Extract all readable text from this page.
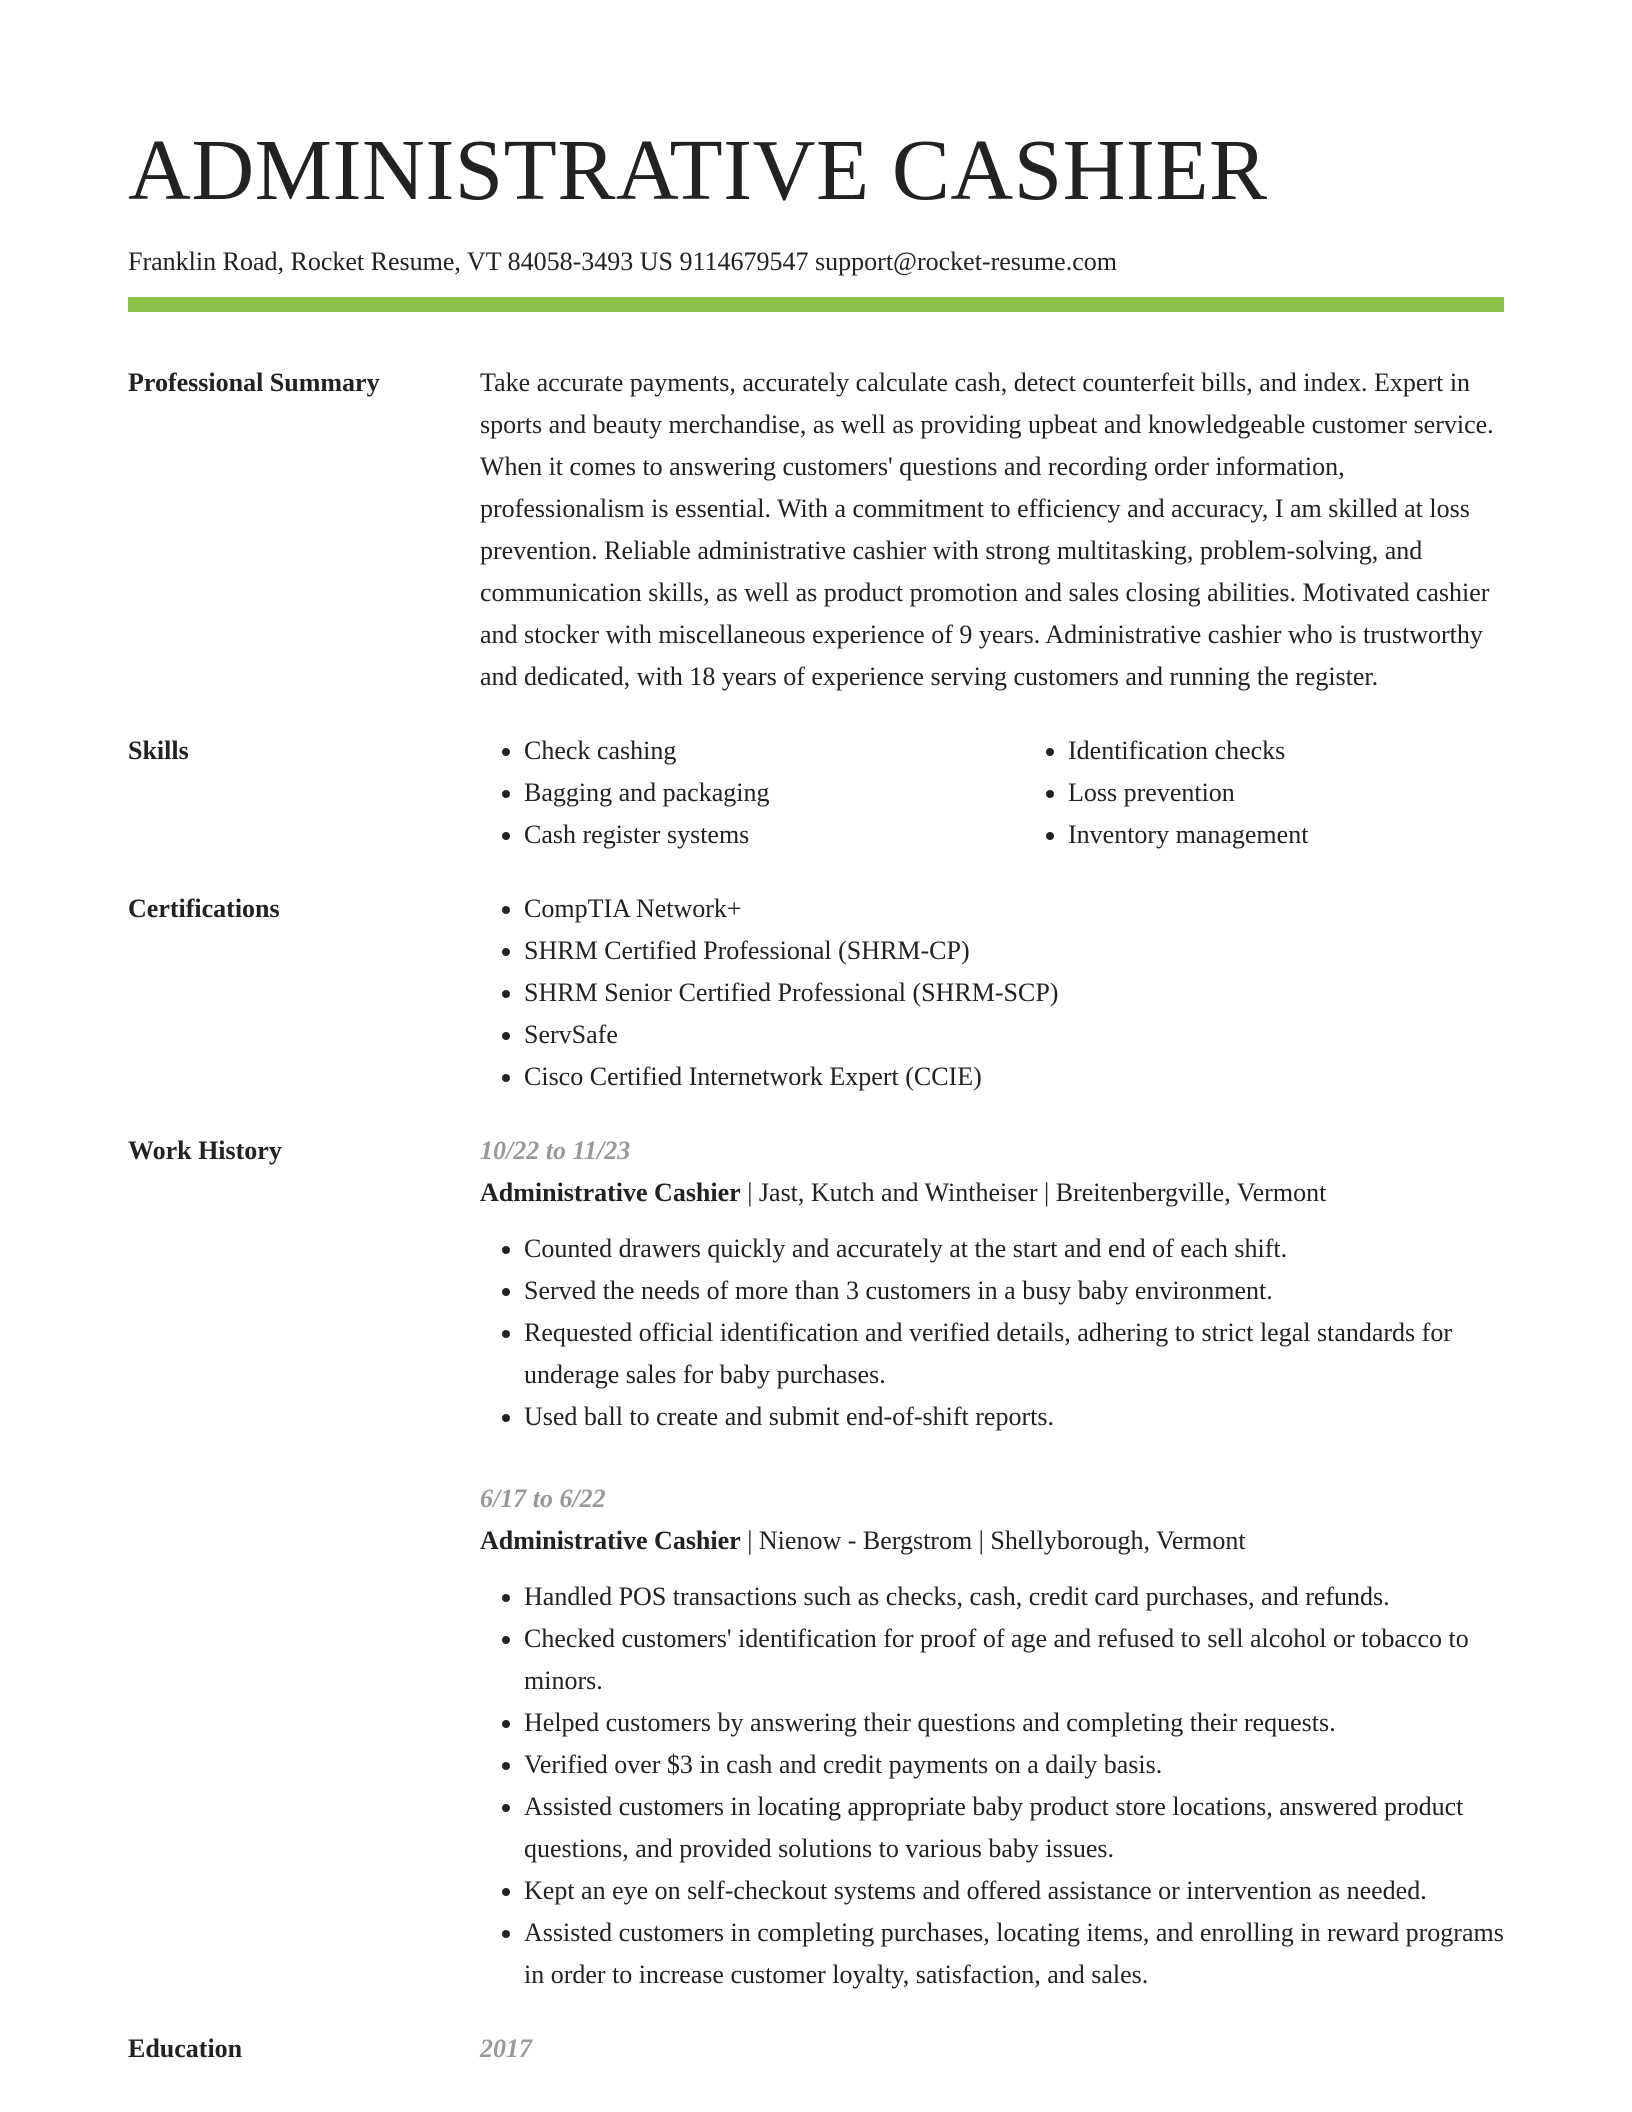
ADMINISTRATIVE CASHIER
Franklin Road, Rocket Resume, VT 84058-3493 US 9114679547 support@rocket-resume.com
Professional Summary	Take accurate payments, accurately calculate cash, detect counterfeit bills, and index. Expert in sports and beauty merchandise, as well as providing upbeat and knowledgeable customer service. When it comes to answering customers' questions and recording order information, professionalism is essential. With a commitment to efficiency and accuracy, I am skilled at loss prevention. Reliable administrative cashier with strong multitasking, problem-solving, and communication skills, as well as product promotion and sales closing abilities. Motivated cashier and stocker with miscellaneous experience of 9 years. Administrative cashier who is trustworthy and dedicated, with 18 years of experience serving customers and running the register.

Skills	• Check cashing
• Bagging and packaging
• Cash register systems
• Identification checks
• Loss prevention
• Inventory management
Certifications	• CompTIA Network+
• SHRM Certified Professional (SHRM-CP)
• SHRM Senior Certified Professional (SHRM-SCP)
• ServSafe
• Cisco Certified Internetwork Expert (CCIE)
Work History	10/22 to 11/23
Administrative Cashier | Jast, Kutch and Wintheiser | Breitenbergville, Vermont
• Counted drawers quickly and accurately at the start and end of each shift.
• Served the needs of more than 3 customers in a busy baby environment.
• Requested official identification and verified details, adhering to strict legal standards for underage sales for baby purchases.
• Used ball to create and submit end-of-shift reports.
6/17 to 6/22
Administrative Cashier | Nienow - Bergstrom | Shellyborough, Vermont
• Handled POS transactions such as checks, cash, credit card purchases, and refunds.
• Checked customers' identification for proof of age and refused to sell alcohol or tobacco to minors.
• Helped customers by answering their questions and completing their requests.
• Verified over $3 in cash and credit payments on a daily basis.
• Assisted customers in locating appropriate baby product store locations, answered product questions, and provided solutions to various baby issues.
• Kept an eye on self-checkout systems and offered assistance or intervention as needed.
• Assisted customers in completing purchases, locating items, and enrolling in reward programs in order to increase customer loyalty, satisfaction, and sales.
Education	2017
